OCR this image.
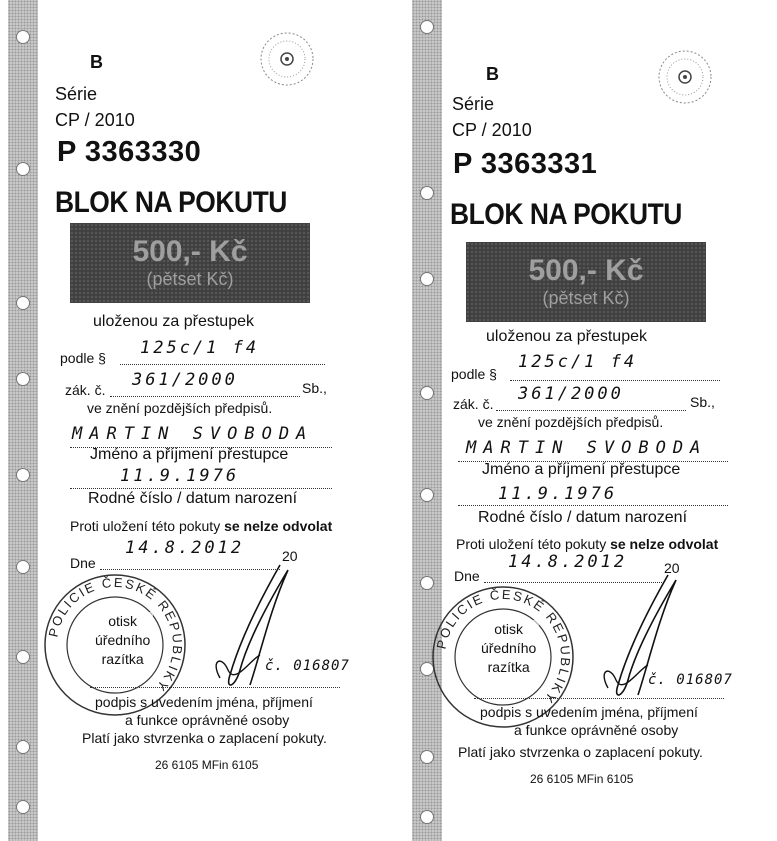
B
Série
CP / 2010
P 3363330
BLOK NA POKUTU
500,- Kč
(pětset Kč)
uloženou za přestupek
podle § 125c/1 f4
zák. č. 361/2000	Sb.,
ve znění pozdějších předpisů.
MARTIN SVOBODA
Jméno a příjmení přestupce
11.9.1976
Rodné číslo / datum narození
Proti uložení této pokuty se nelze odvolat
Dne
14.8.2012	20
POLICIE ČESKÉ REPUBLIKY
otisk
úředního
razítka	č. 016807
podpis s uvedením jména, příjmení
a funkce oprávněné osoby
Platí jako stvrzenka o zaplacení pokuty.
26 6105 MFin 6105
B
Série
CP / 2010
P 3363331
BLOK NA POKUTU
500,- Kč
(pětset Kč)
uloženou za přestupek
podle §
125c/1 f4
zák. č. 361/2000	Sb.,
ve znění pozdějších předpisů.
MARTIN SVOBODA
Jméno a příjmení přestupce
11.9.1976
Rodné číslo / datum narození
Proti uložení této pokuty se nelze odvolat
Dne
14.8.2012	20
POLICIE ČESKÉ REPUBLIKY
otisk
úředního
razítka
č. 016807
podpis s uvedením jména, příjmení
a funkce oprávněné osoby
Platí jako stvrzenka o zaplacení pokuty.
26 6105 MFin 6105
